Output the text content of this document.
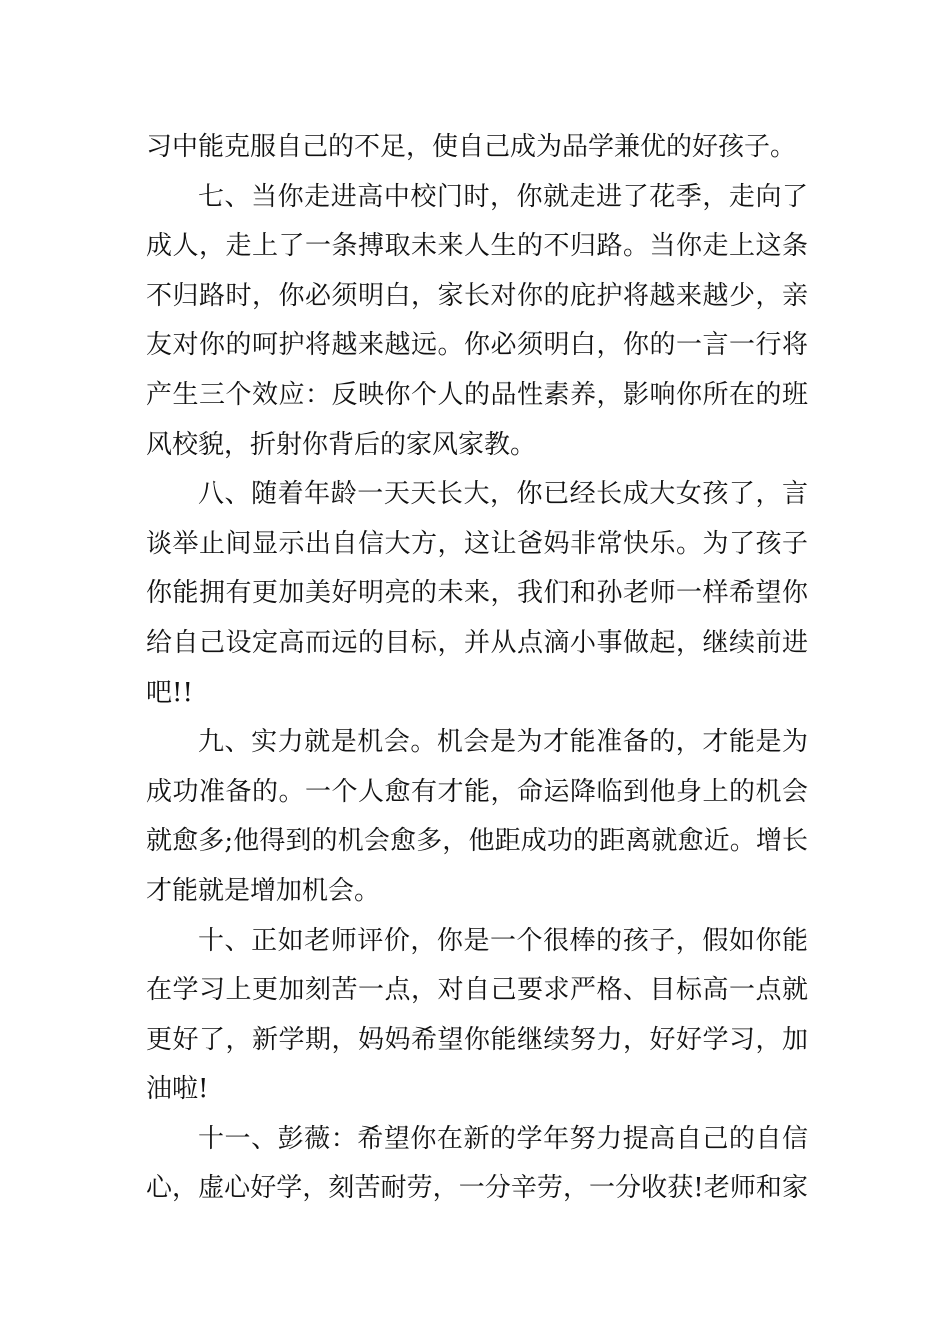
习中能克服自己的不足，使自己成为品学兼优的好孩子。
七、当你走进高中校门时，你就走进了花季，走向了
成人，走上了一条搏取未来人生的不归路。当你走上这条
不归路时，你必须明白，家长对你的庇护将越来越少，亲
友对你的呵护将越来越远。你必须明白，你的一言一行将
产生三个效应：反映你个人的品性素养，影响你所在的班
风校貌，折射你背后的家风家教。
八、随着年龄一天天长大，你已经长成大女孩了，言
谈举止间显示出自信大方，这让爸妈非常快乐。为了孩子
你能拥有更加美好明亮的未来，我们和孙老师一样希望你
给自己设定高而远的目标，并从点滴小事做起，继续前进
吧!!
九、实力就是机会。机会是为才能准备的，才能是为
成功准备的。一个人愈有才能，命运降临到他身上的机会
就愈多;他得到的机会愈多，他距成功的距离就愈近。增长
才能就是增加机会。
十、正如老师评价，你是一个很棒的孩子，假如你能
在学习上更加刻苦一点，对自己要求严格、目标高一点就
更好了，新学期，妈妈希望你能继续努力，好好学习，加
油啦!
十一、彭薇：希望你在新的学年努力提高自己的自信
心，虚心好学，刻苦耐劳，一分辛劳，一分收获!老师和家
